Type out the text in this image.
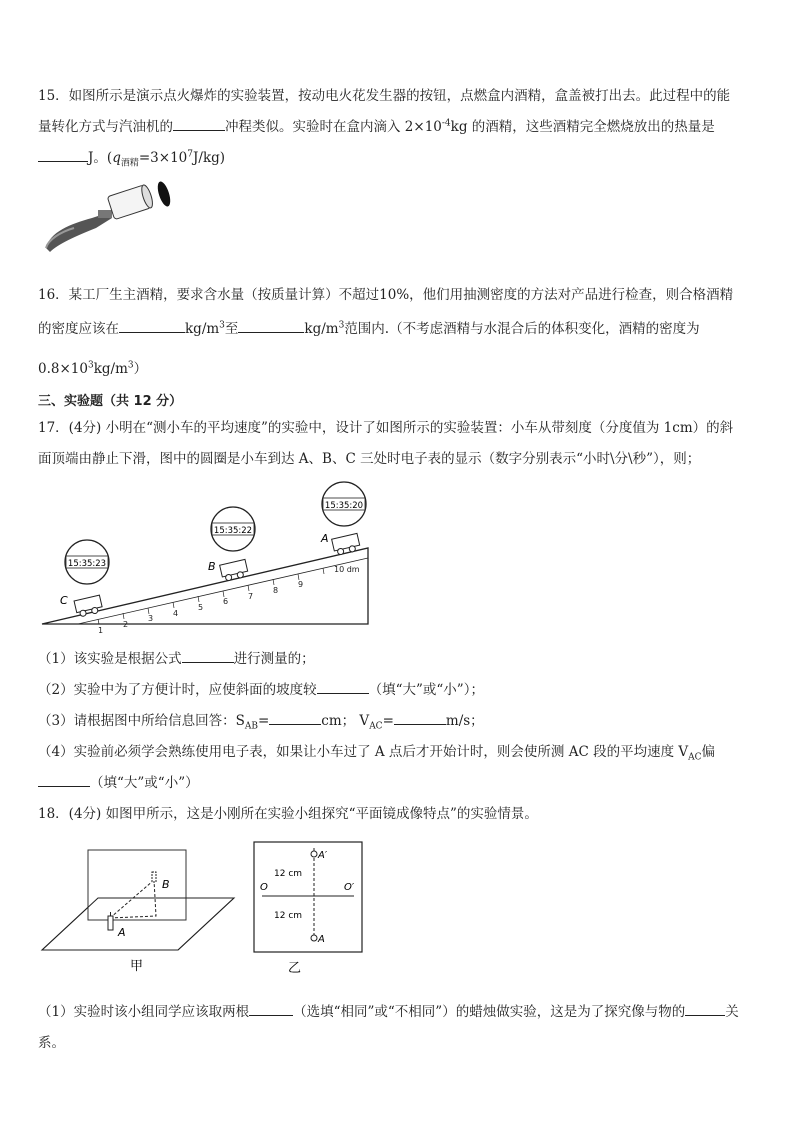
15．如图所示是演示点火爆炸的实验装置，按动电火花发生器的按钮，点燃盒内酒精，盒盖被打出去。此过程中的能
量转化方式与汽油机的	冲程类似。实验时在盒内滴入 $2\times 10^{-4}kg$ 的酒精，这些酒精完全燃烧放出的热量是
J。$(q_{酒精}=3\times 10^7J/kg)$
16．某工厂生主酒精，要求含水量（按质量计算）不超过10%，他们用抽测密度的方法对产品进行检查，则合格酒精
的密度应该在	$kg/m^3$至	$kg/m^3$范围内.（不考虑酒精与水混合后的体积变化，酒精的密度为
$0.8\times 10^3kg/m^3$）
三、实验题（共 12 分）
17．(4分) 小明在“测小车的平均速度”的实验中，设计了如图所示的实验装置：小车从带刻度（分度值为 1cm）的斜
面顶端由静止下滑，图中的圆圈是小车到达 A、B、C 三处时电子表的显示（数字分别表示“小时\分\秒”），则；
1
2
3
4
5
6
7
8
9
10 dm
15:35:23
15:35:22
15:35:20
C
B
A
（1）该实验是根据公式	进行测量的；
（2）实验中为了方便计时，应使斜面的坡度较	（填“大”或“小”）；
（3）请根据图中所给信息回答：$S_{AB}=$	cm； $V_{AC}=$	m/s；
（4）实验前必须学会熟练使用电子表，如果让小车过了 A 点后才开始计时，则会使所测 AC 段的平均速度 $V_{AC}$偏
（填“大”或“小”）
18．(4分) 如图甲所示，这是小刚所在实验小组探究“平面镜成像特点”的实验情景。
A
B
甲
A′
A
O	O′
12 cm
12 cm
乙
（1）实验时该小组同学应该取两根	（选填“相同”或“不相同”）的蜡烛做实验，这是为了探究像与物的	关
系。
